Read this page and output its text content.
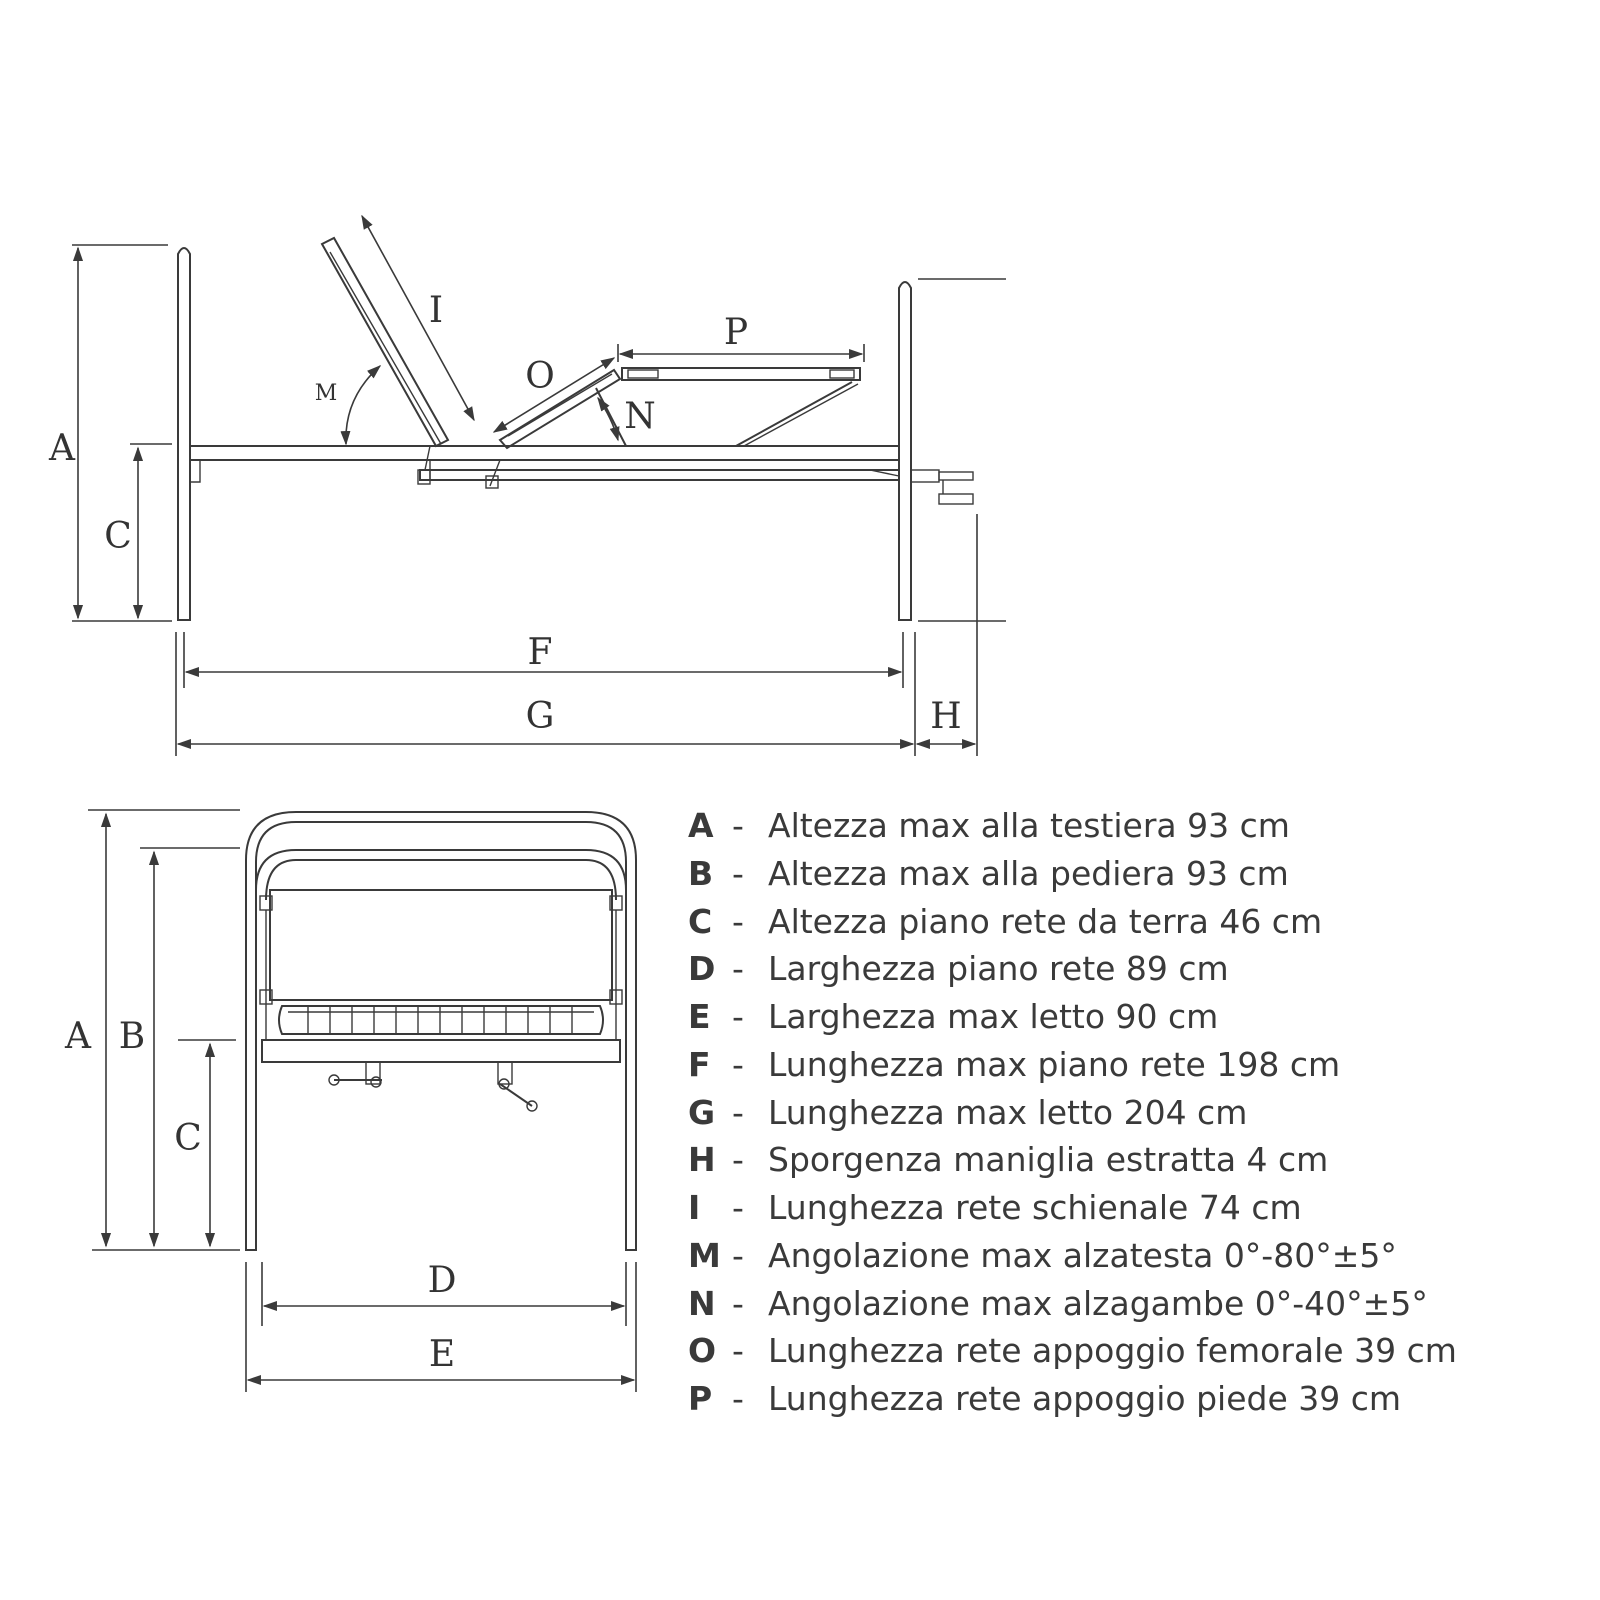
A
C
F
G	H
I
M	O
N
P
A B
C
D
E
A - Altezza max alla testiera 93 cm
B - Altezza max alla pediera 93 cm
C - Altezza piano rete da terra 46 cm
D - Larghezza piano rete 89 cm
E - Larghezza max letto 90 cm
F - Lunghezza max piano rete 198 cm
G - Lunghezza max letto 204 cm
H - Sporgenza maniglia estratta 4 cm
I - Lunghezza rete schienale 74 cm
M - Angolazione max alzatesta 0°-80°±5°
N - Angolazione max alzagambe 0°-40°±5°
O - Lunghezza rete appoggio femorale 39 cm
P - Lunghezza rete appoggio piede 39 cm
